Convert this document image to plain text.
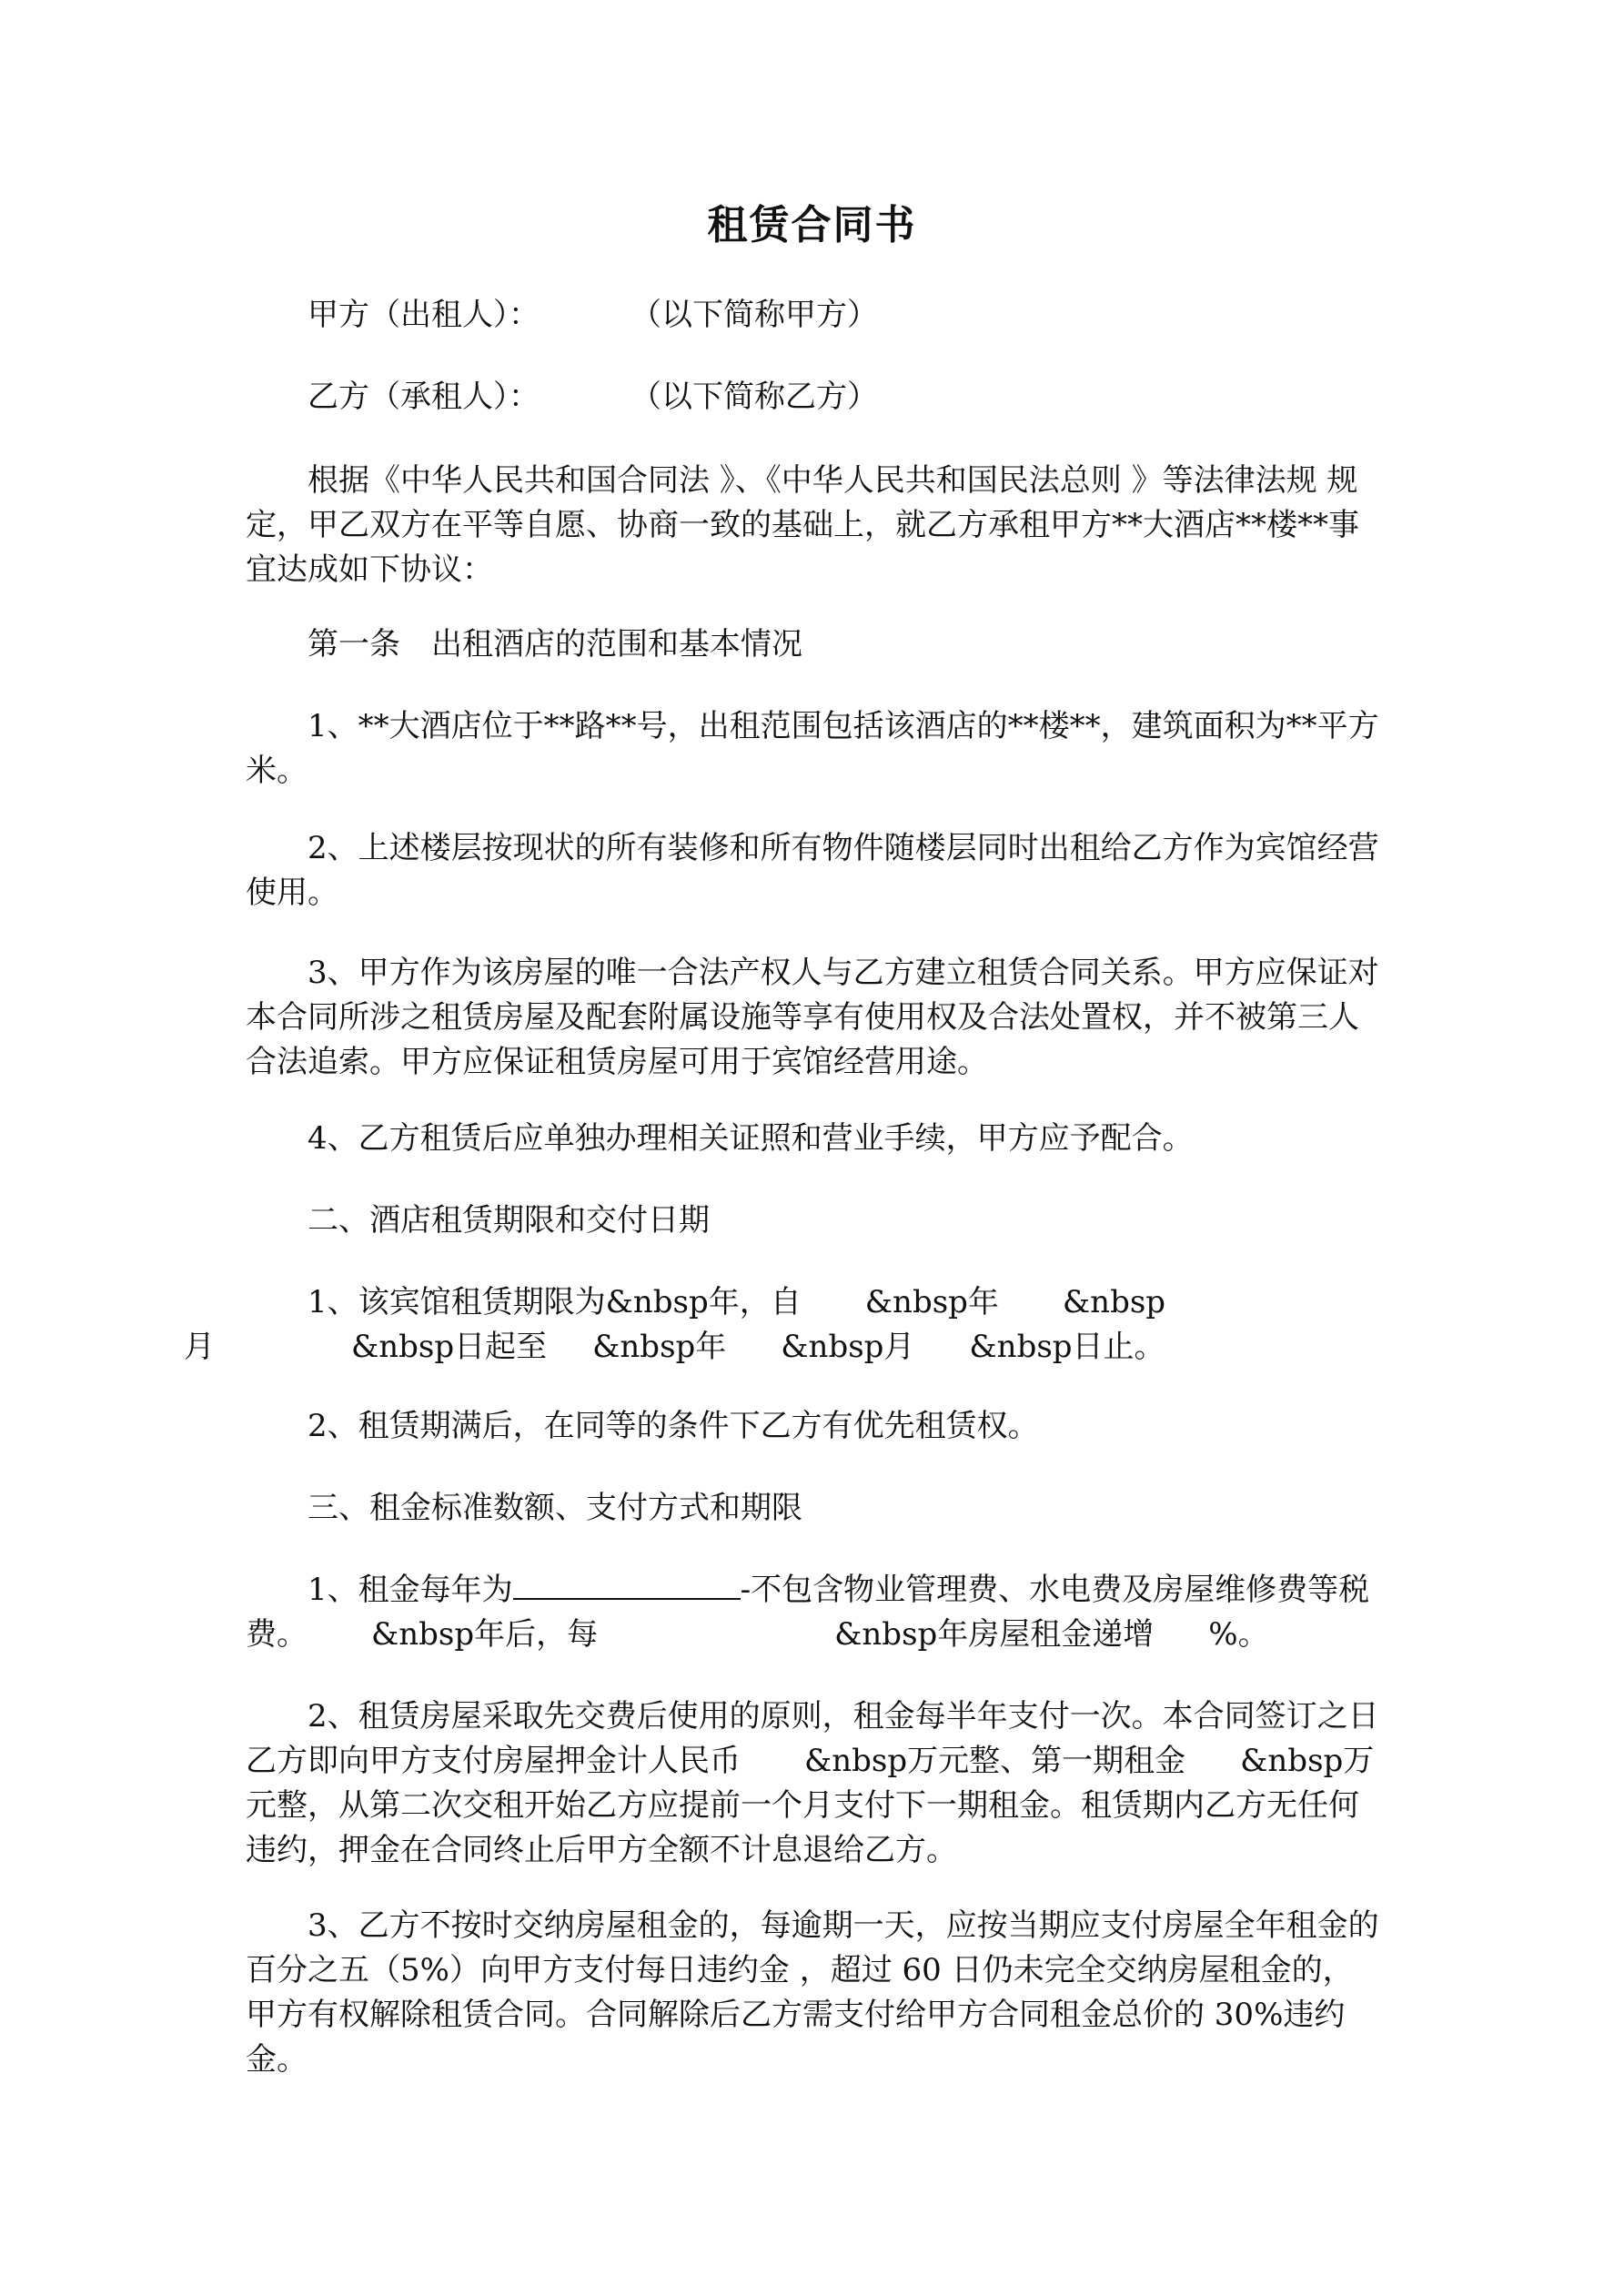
租赁合同书

甲方（出租人）：	（以下简称甲方）

乙方（承租人）：	（以下简称乙方）

根据《中华人民共和国合同法 》、《中华人民共和国民法总则 》等法律法规 规定，甲乙双方在平等自愿、协商一致的基础上，就乙方承租甲方**大酒店**楼**事宜达成如下协议：

第一条　出租酒店的范围和基本情况

1、**大酒店位于**路**号，出租范围包括该酒店的**楼**，建筑面积为**平方米。

2、上述楼层按现状的所有装修和所有物件随楼层同时出租给乙方作为宾馆经营使用。

3、甲方作为该房屋的唯一合法产权人与乙方建立租赁合同关系。甲方应保证对本合同所涉之租赁房屋及配套附属设施等享有使用权及合法处置权，并不被第三人合法追索。甲方应保证租赁房屋可用于宾馆经营用途。

4、乙方租赁后应单独办理相关证照和营业手续，甲方应予配合。

二、酒店租赁期限和交付日期

1、该宾馆租赁期限为&nbsp年，自 &nbsp年 &nbsp
月	&nbsp日起至 &nbsp年 &nbsp月 &nbsp日止。

2、租赁期满后，在同等的条件下乙方有优先租赁权。

三、租金标准数额、支付方式和期限

1、租金每年为	-不包含物业管理费、水电费及房屋维修费等税费。 &nbsp年后，每	&nbsp年房屋租金递增 %。

2、租赁房屋采取先交费后使用的原则，租金每半年支付一次。本合同签订之日乙方即向甲方支付房屋押金计人民币 &nbsp万元整、第一期租金 &nbsp万元整，从第二次交租开始乙方应提前一个月支付下一期租金。租赁期内乙方无任何违约，押金在合同终止后甲方全额不计息退给乙方。

3、乙方不按时交纳房屋租金的，每逾期一天，应按当期应支付房屋全年租金的百分之五（5%）向甲方支付每日违约金 ，超过 60 日仍未完全交纳房屋租金的，甲方有权解除租赁合同。合同解除后乙方需支付给甲方合同租金总价的 30%违约金。
